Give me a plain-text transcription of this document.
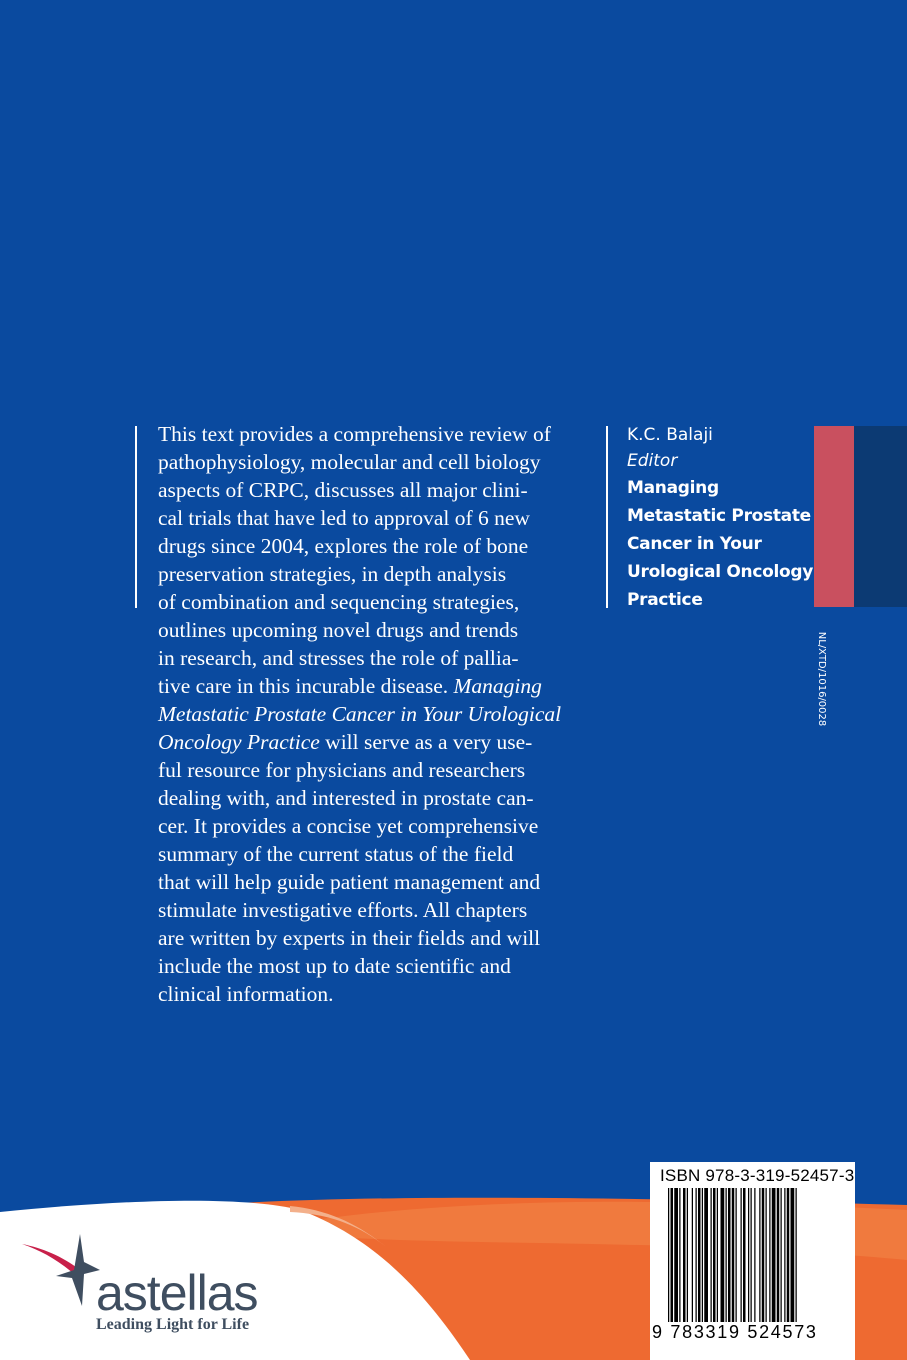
This text provides a comprehensive review of
pathophysiology, molecular and cell biology
aspects of CRPC, discusses all major clini-
cal trials that have led to approval of 6 new
drugs since 2004, explores the role of bone
preservation strategies, in depth analysis
of combination and sequencing strategies,
outlines upcoming novel drugs and trends
in research, and stresses the role of pallia-
tive care in this incurable disease. Managing
Metastatic Prostate Cancer in Your Urological
Oncology Practice will serve as a very use-
ful resource for physicians and researchers
dealing with, and interested in prostate can-
cer. It provides a concise yet comprehensive
summary of the current status of the field
that will help guide patient management and
stimulate investigative efforts. All chapters
are written by experts in their fields and will
include the most up to date scientific and
clinical information.
K.C. Balaji
Editor
Managing
Metastatic Prostate
Cancer in Your
Urological Oncology
Practice
NL/XTD/1016/0028
ISBN 978-3-319-52457-3
9 783319 524573
astellas
Leading Light for Life
